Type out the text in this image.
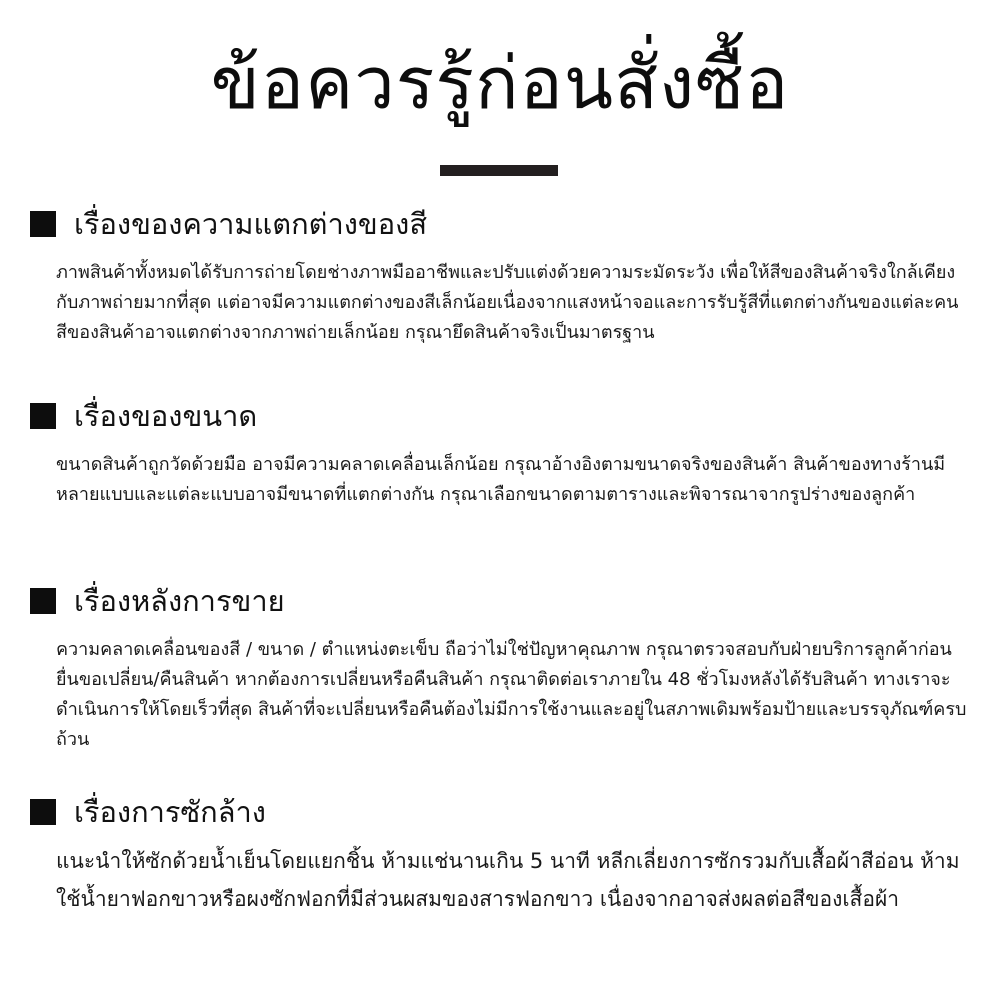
ข้อควรรู้ก่อนสั่งซื้อ
เรื่องของความแตกต่างของสี

ภาพสินค้าทั้งหมดได้รับการถ่ายโดยช่างภาพมืออาชีพและปรับแต่งด้วยความระมัดระวัง เพื่อให้สีของสินค้าจริงใกล้เคียงกับภาพถ่ายมากที่สุด แต่อาจมีความแตกต่างของสีเล็กน้อยเนื่องจากแสงหน้าจอและการรับรู้สีที่แตกต่างกันของแต่ละคน สีของสินค้าอาจแตกต่างจากภาพถ่ายเล็กน้อย กรุณายึดสินค้าจริงเป็นมาตรฐาน

เรื่องของขนาด

ขนาดสินค้าถูกวัดด้วยมือ อาจมีความคลาดเคลื่อนเล็กน้อย กรุณาอ้างอิงตามขนาดจริงของสินค้า สินค้าของทางร้านมีหลายแบบและแต่ละแบบอาจมีขนาดที่แตกต่างกัน กรุณาเลือกขนาดตามตารางและพิจารณาจากรูปร่างของลูกค้า

เรื่องหลังการขาย

ความคลาดเคลื่อนของสี / ขนาด / ตำแหน่งตะเข็บ ถือว่าไม่ใช่ปัญหาคุณภาพ กรุณาตรวจสอบกับฝ่ายบริการลูกค้าก่อนยื่นขอเปลี่ยน/คืนสินค้า หากต้องการเปลี่ยนหรือคืนสินค้า กรุณาติดต่อเราภายใน 48 ชั่วโมงหลังได้รับสินค้า ทางเราจะดำเนินการให้โดยเร็วที่สุด สินค้าที่จะเปลี่ยนหรือคืนต้องไม่มีการใช้งานและอยู่ในสภาพเดิมพร้อมป้ายและบรรจุภัณฑ์ครบถ้วน

เรื่องการซักล้าง

แนะนำให้ซักด้วยน้ำเย็นโดยแยกชิ้น ห้ามแช่นานเกิน 5 นาที หลีกเลี่ยงการซักรวมกับเสื้อผ้าสีอ่อน ห้ามใช้น้ำยาฟอกขาวหรือผงซักฟอกที่มีส่วนผสมของสารฟอกขาว เนื่องจากอาจส่งผลต่อสีของเสื้อผ้า
